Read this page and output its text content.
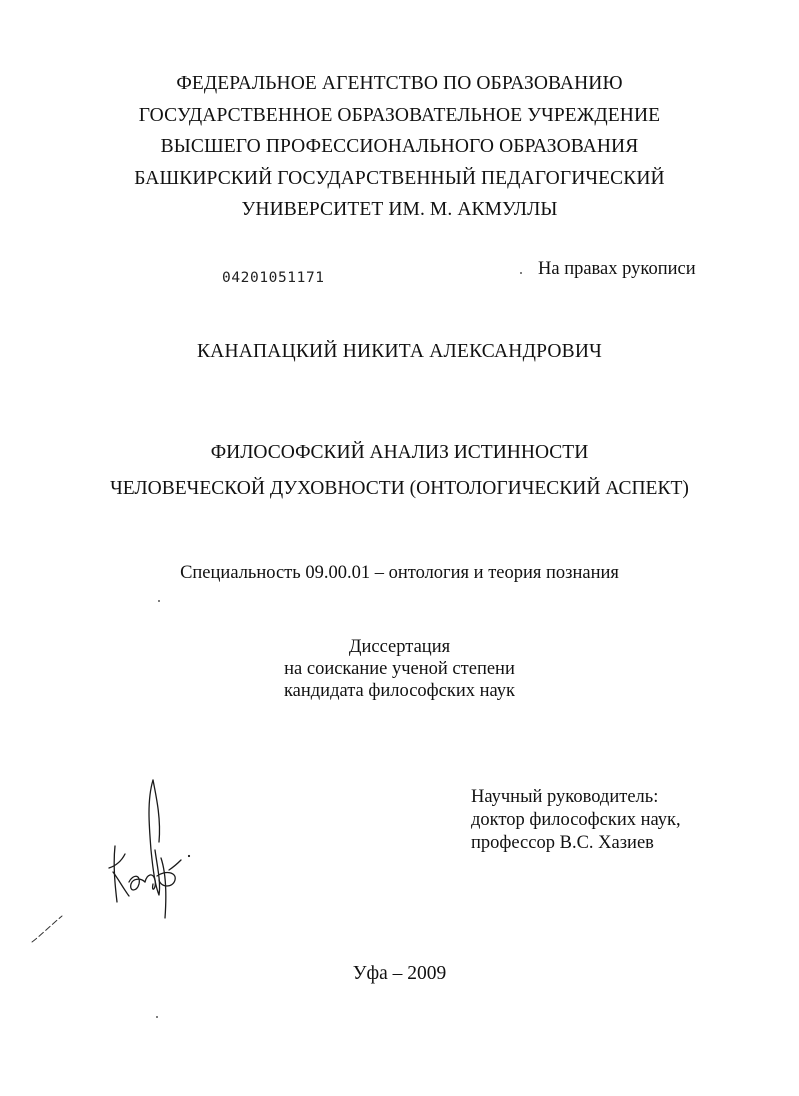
ФЕДЕРАЛЬНОЕ АГЕНТСТВО ПО ОБРАЗОВАНИЮ
ГОСУДАРСТВЕННОЕ ОБРАЗОВАТЕЛЬНОЕ УЧРЕЖДЕНИЕ
ВЫСШЕГО ПРОФЕССИОНАЛЬНОГО ОБРАЗОВАНИЯ
БАШКИРСКИЙ ГОСУДАРСТВЕННЫЙ ПЕДАГОГИЧЕСКИЙ
УНИВЕРСИТЕТ ИМ. М. АКМУЛЛЫ
04201051171	На правах рукописи
КАНАПАЦКИЙ НИКИТА АЛЕКСАНДРОВИЧ
ФИЛОСОФСКИЙ АНАЛИЗ ИСТИННОСТИ
ЧЕЛОВЕЧЕСКОЙ ДУХОВНОСТИ (ОНТОЛОГИЧЕСКИЙ АСПЕКТ)
Специальность 09.00.01 – онтология и теория познания
Диссертация
на соискание ученой степени
кандидата философских наук
Научный руководитель:
доктор философских наук,
профессор В.С. Хазиев
Уфа – 2009
